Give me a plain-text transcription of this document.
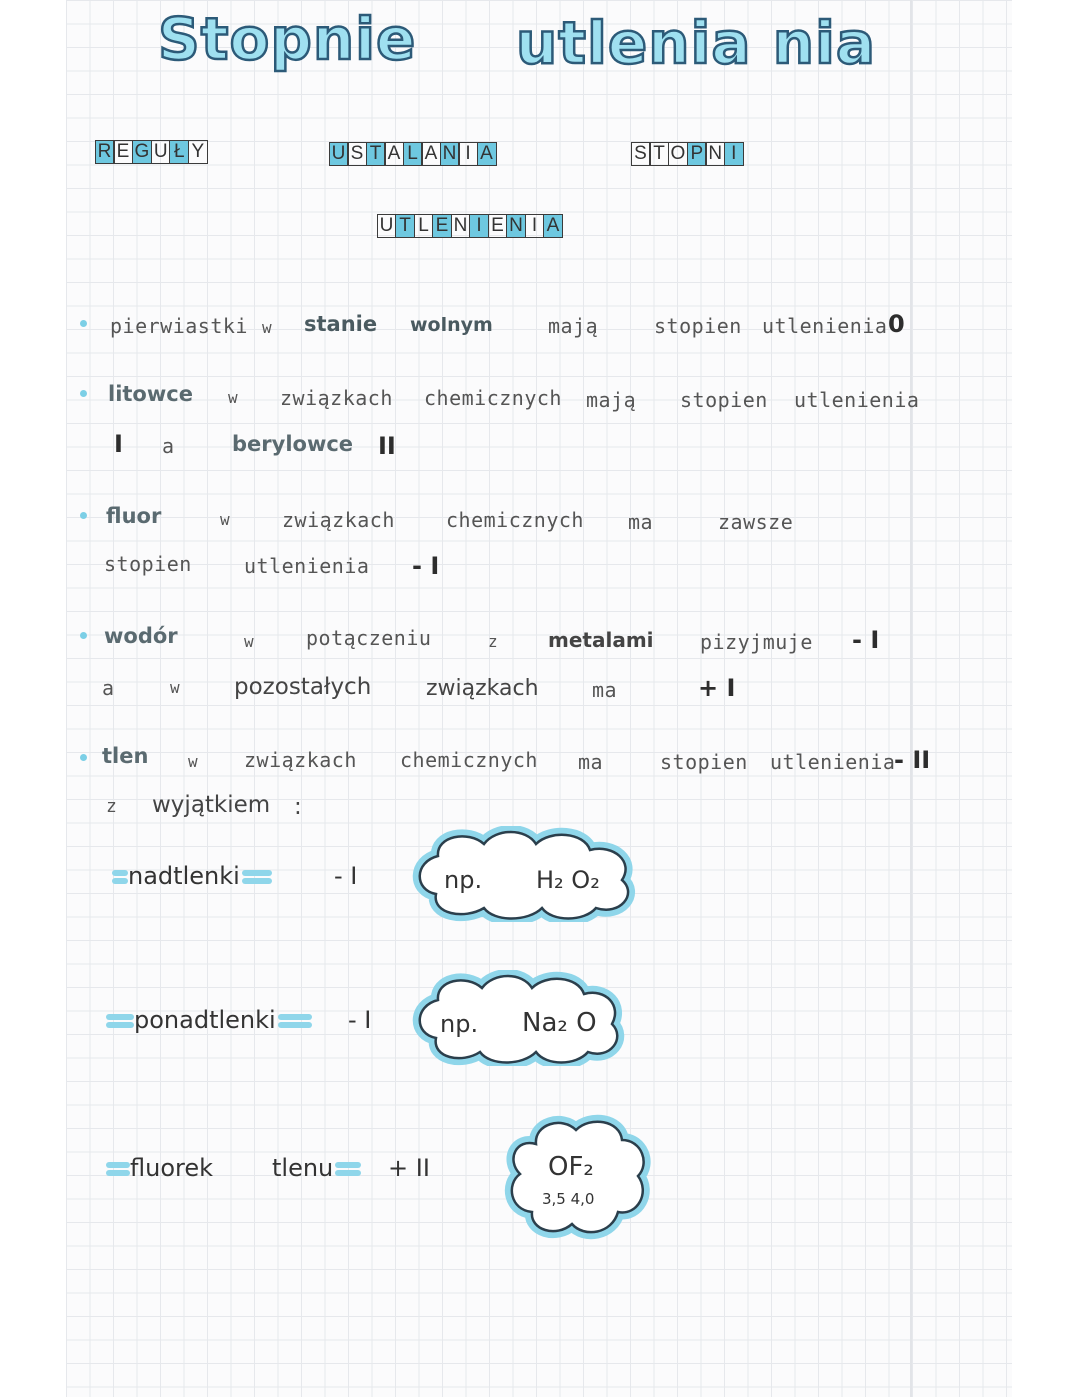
Stopnie utlenia nia
R E G U Ł Y	U S T A L A N I A	S T O P N I
U T L E N I E N I A
pierwiastki w stanie wolnym	mają	stopien utlenienia 0
litowce w związkach chemicznych mają stopien utlenienia
I a	berylowce II
fluor	w	związkach	chemicznych ma	zawsze
stopien	utlenienia - I
wodór	w	potączeniu	z metalami pizyjmuje - I
a	w pozostałych związkach	ma	+ I
tlen w związkach chemicznych ma	stopien utlenienia
- II
z wyjątkiem :
nadtlenki	- I	np. H₂ O₂
ponadtlenki	- I	np. Na₂ O
fluorek tlenu	+ II	OF₂
3,5 4,0
